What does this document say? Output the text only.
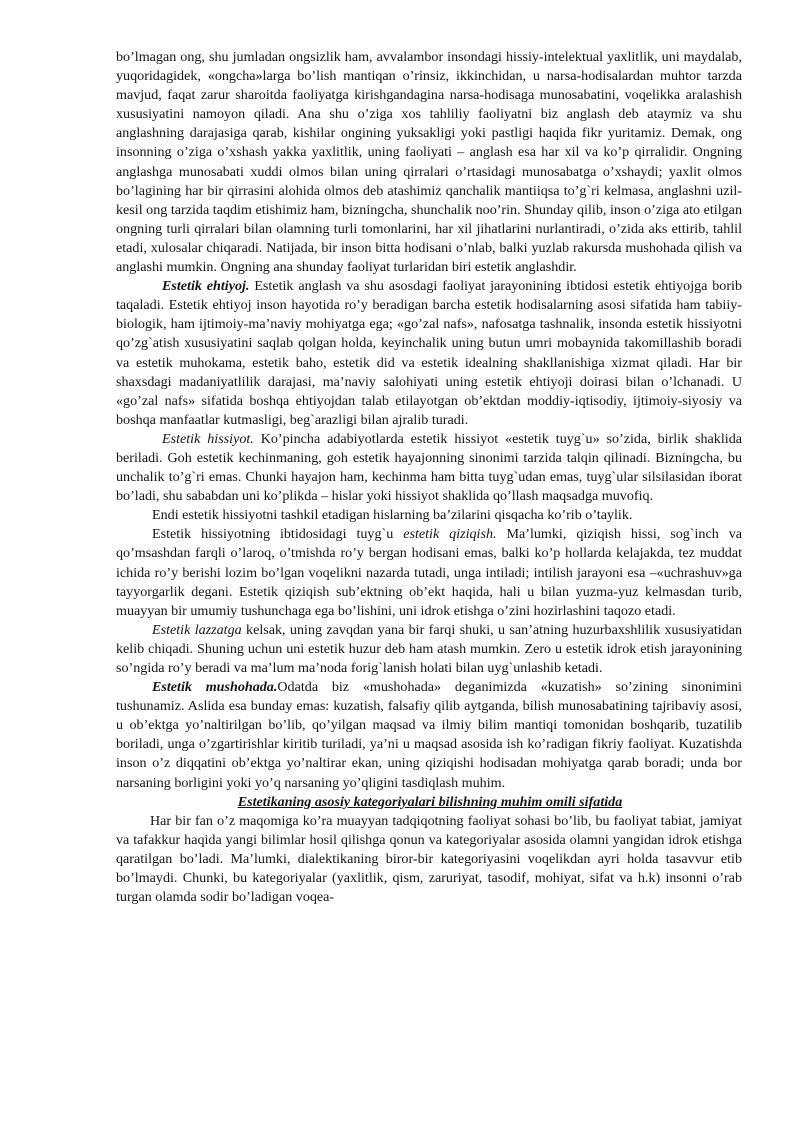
bo’lmagan ong, shu jumladan ongsizlik ham, avvalambor insondagi hissiy-intelektual yaxlitlik, uni maydalab, yuqoridagidek, «ongcha»larga bo’lish mantiqan o’rinsiz, ikkinchidan, u narsa-hodisalardan muhtor tarzda mavjud, faqat zarur sharoitda faoliyatga kirishgandagina narsa-hodisaga munosabatini, voqelikka aralashish xususiyatini namoyon qiladi. Ana shu o’ziga xos tahliliy faoliyatni biz anglash deb ataymiz va shu anglashning darajasiga qarab, kishilar ongining yuksakligi yoki pastligi haqida fikr yuritamiz. Demak, ong insonning o’ziga o’xshash yakka yaxlitlik, uning faoliyati – anglash esa har xil va ko’p qirralidir. Ongning anglashga munosabati xuddi olmos bilan uning qirralari o’rtasidagi munosabatga o’xshaydi; yaxlit olmos bo’lagining har bir qirrasini alohida olmos deb atashimiz qanchalik mantiiqsa to’g`ri kelmasa, anglashni uzil-kesil ong tarzida taqdim etishimiz ham, bizningcha, shunchalik noo’rin. Shunday qilib, inson o’ziga ato etilgan ongning turli qirralari bilan olamning turli tomonlarini, har xil jihatlarini nurlantiradi, o’zida aks ettirib, tahlil etadi, xulosalar chiqaradi. Natijada, bir inson bitta hodisani o’nlab, balki yuzlab rakursda mushohada qilish va anglashi mumkin. Ongning ana shunday faoliyat turlaridan biri estetik anglashdir.

Estetik ehtiyoj. Estetik anglash va shu asosdagi faoliyat jarayonining ibtidosi estetik ehtiyojga borib taqaladi. Estetik ehtiyoj inson hayotida ro’y beradigan barcha estetik hodisalarning asosi sifatida ham tabiiy-biologik, ham ijtimoiy-ma’naviy mohiyatga ega; «go’zal nafs», nafosatga tashnalik, insonda estetik hissiyotni qo’zg`atish xususiyatini saqlab qolgan holda, keyinchalik uning butun umri mobaynida takomillashib boradi va estetik muhokama, estetik baho, estetik did va estetik idealning shakllanishiga xizmat qiladi. Har bir shaxsdagi madaniyatlilik darajasi, ma’naviy salohiyati uning estetik ehtiyoji doirasi bilan o’lchanadi. U «go’zal nafs» sifatida boshqa ehtiyojdan talab etilayotgan ob’ektdan moddiy-iqtisodiy, ijtimoiy-siyosiy va boshqa manfaatlar kutmasligi, beg`arazligi bilan ajralib turadi.

Estetik hissiyot. Ko’pincha adabiyotlarda estetik hissiyot «estetik tuyg`u» so’zida, birlik shaklida beriladi. Goh estetik kechinmaning, goh estetik hayajonning sinonimi tarzida talqin qilinadi. Bizningcha, bu unchalik to’g`ri emas. Chunki hayajon ham, kechinma ham bitta tuyg`udan emas, tuyg`ular silsilasidan iborat bo’ladi, shu sababdan uni ko’plikda – hislar yoki hissiyot shaklida qo’llash maqsadga muvofiq.

Endi estetik hissiyotni tashkil etadigan hislarning ba’zilarini qisqacha ko’rib o’taylik.

Estetik hissiyotning ibtidosidagi tuyg`u estetik qiziqish. Ma’lumki, qiziqish hissi, sog`inch va qo’msashdan farqli o’laroq, o’tmishda ro’y bergan hodisani emas, balki ko’p hollarda kelajakda, tez muddat ichida ro’y berishi lozim bo’lgan voqelikni nazarda tutadi, unga intiladi; intilish jarayoni esa –«uchrashuv»ga tayyorgarlik degani. Estetik qiziqish sub’ektning ob’ekt haqida, hali u bilan yuzma-yuz kelmasdan turib, muayyan bir umumiy tushunchaga ega bo’lishini, uni idrok etishga o’zini hozirlashini taqozo etadi.

Estetik lazzatga kelsak, uning zavqdan yana bir farqi shuki, u san’atning huzurbaxshlilik xususiyatidan kelib chiqadi. Shuning uchun uni estetik huzur deb ham atash mumkin. Zero u estetik idrok etish jarayonining so’ngida ro’y beradi va ma’lum ma’noda forig`lanish holati bilan uyg`unlashib ketadi.

Estetik mushohada.Odatda biz «mushohada» deganimizda «kuzatish» so’zining sinonimini tushunamiz. Aslida esa bunday emas: kuzatish, falsafiy qilib aytganda, bilish munosabatining tajribaviy asosi, u ob’ektga yo’naltirilgan bo’lib, qo’yilgan maqsad va ilmiy bilim mantiqi tomonidan boshqarib, tuzatilib boriladi, unga o’zgartirishlar kiritib turiladi, ya’ni u maqsad asosida ish ko’radigan fikriy faoliyat. Kuzatishda inson o’z diqqatini ob’ektga yo’naltirar ekan, uning qiziqishi hodisadan mohiyatga qarab boradi; unda bor narsaning borligini yoki yo’q narsaning yo’qligini tasdiqlash muhim.

Estetikaning asosiy kategoriyalari bilishning muhim omili sifatida

Har bir fan o’z maqomiga ko’ra muayyan tadqiqotning faoliyat sohasi bo’lib, bu faoliyat tabiat, jamiyat va tafakkur haqida yangi bilimlar hosil qilishga qonun va kategoriyalar asosida olamni yangidan idrok etishga qaratilgan bo’ladi. Ma’lumki, dialektikaning biror-bir kategoriyasini voqelikdan ayri holda tasavvur etib bo’lmaydi. Chunki, bu kategoriyalar (yaxlitlik, qism, zaruriyat, tasodif, mohiyat, sifat va h.k) insonni o’rab turgan olamda sodir bo’ladigan voqea-
